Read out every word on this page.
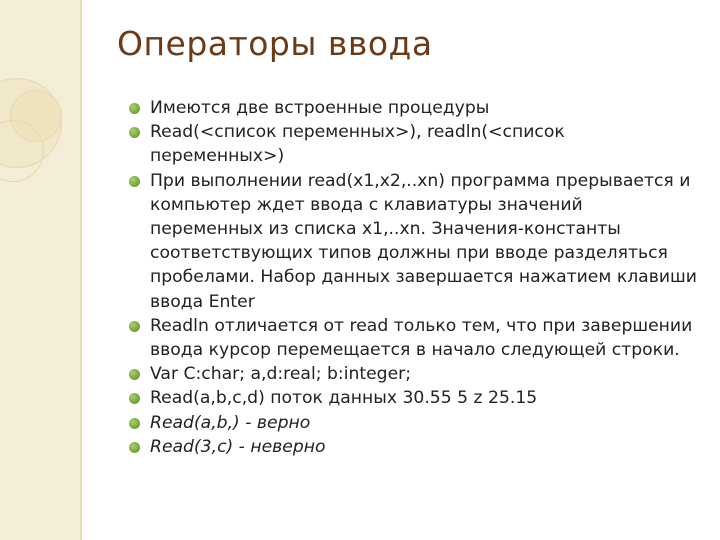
Операторы ввода
Имеются две встроенные процедуры
Read(<список переменных>), readln(<список переменных>)
При выполнении read(x1,x2,..xn) программа прерывается и компьютер ждет ввода с клавиатуры значений переменных из списка x1,..xn. Значения-константы соответствующих типов должны при вводе разделяться пробелами. Набор данных завершается нажатием клавиши ввода Enter
Readln отличается от read только тем, что при завершении ввода курсор перемещается в начало следующей строки.
Var C:char; a,d:real; b:integer;
Read(a,b,c,d) поток данных 30.55 5 z 25.15
Read(a,b,) - верно
Read(3,c) - неверно
